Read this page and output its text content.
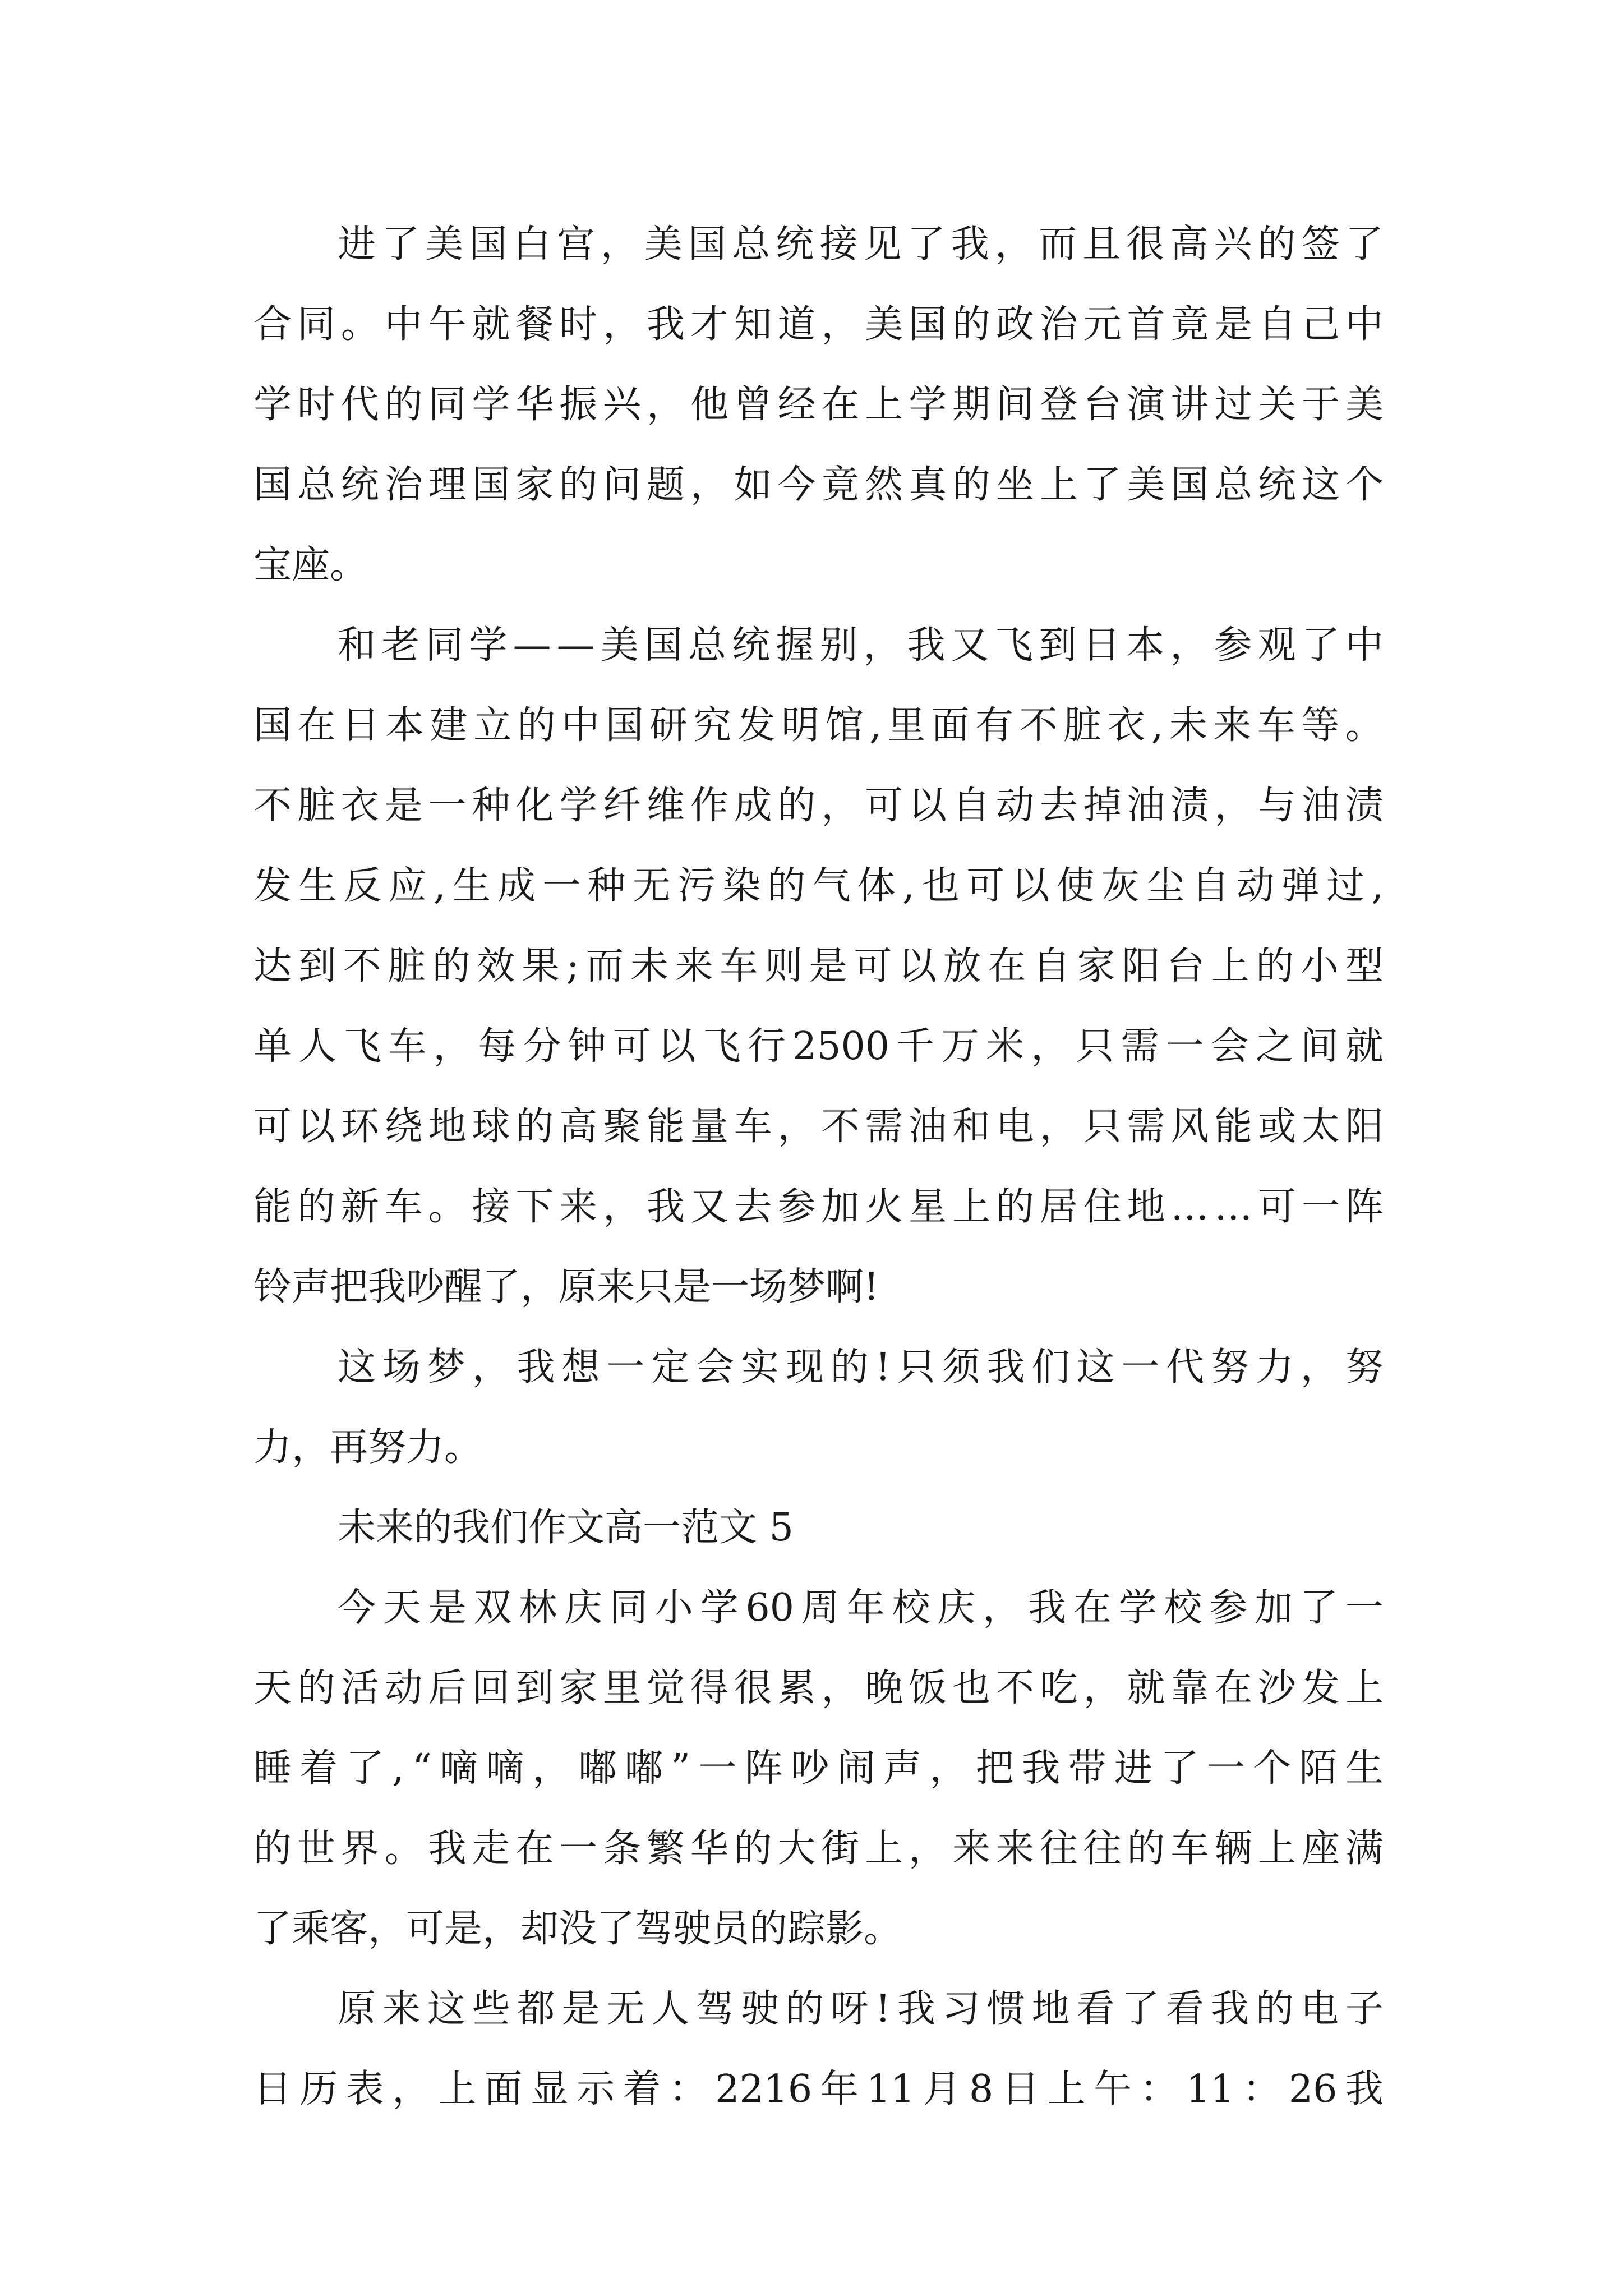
进 了 美 国 白 宫 ， 美 国 总 统 接 见 了 我 ， 而 且 很 高 兴 的 签 了
合 同 。 中 午 就 餐 时 ， 我 才 知 道 ， 美 国 的 政 治 元 首 竟 是 自 己 中
学 时 代 的 同 学 华 振 兴 ， 他 曾 经 在 上 学 期 间 登 台 演 讲 过 关 于 美
国 总 统 治 理 国 家 的 问 题 ， 如 今 竟 然 真 的 坐 上 了 美 国 总 统 这 个
宝座。
和 老 同 学 — — 美 国 总 统 握 别 ， 我 又 飞 到 日 本 ， 参 观 了 中
国 在 日 本 建 立 的 中 国 研 究 发 明 馆 , 里 面 有 不 脏 衣 , 未 来 车 等 。
不 脏 衣 是 一 种 化 学 纤 维 作 成 的 ， 可 以 自 动 去 掉 油 渍 ， 与 油 渍
发 生 反 应 , 生 成 一 种 无 污 染 的 气 体 , 也 可 以 使 灰 尘 自 动 弹 过 ,
达 到 不 脏 的 效 果 ; 而 未 来 车 则 是 可 以 放 在 自 家 阳 台 上 的 小 型
单 人 飞 车 ， 每 分 钟 可 以 飞 行 2500 千 万 米 ， 只 需 一 会 之 间 就
可 以 环 绕 地 球 的 高 聚 能 量 车 ， 不 需 油 和 电 ， 只 需 风 能 或 太 阳
能 的 新 车 。 接 下 来 ， 我 又 去 参 加 火 星 上 的 居 住 地 … … 可 一 阵
铃声把我吵醒了，原来只是一场梦啊!
这 场 梦 ， 我 想 一 定 会 实 现 的 ! 只 须 我 们 这 一 代 努 力 ， 努
力，再努力。
未来的我们作文高一范文 5
今 天 是 双 林 庆 同 小 学 60 周 年 校 庆 ， 我 在 学 校 参 加 了 一
天 的 活 动 后 回 到 家 里 觉 得 很 累 ， 晚 饭 也 不 吃 ， 就 靠 在 沙 发 上
睡 着 了 , “ 嘀 嘀 ， 嘟 嘟 ” 一 阵 吵 闹 声 ， 把 我 带 进 了 一 个 陌 生
的 世 界 。 我 走 在 一 条 繁 华 的 大 街 上 ， 来 来 往 往 的 车 辆 上 座 满
了乘客，可是，却没了驾驶员的踪影。
原 来 这 些 都 是 无 人 驾 驶 的 呀 ! 我 习 惯 地 看 了 看 我 的 电 子
日 历 表 ， 上 面 显 示 着 ： 2216 年 11 月 8 日 上 午 ： 11 ： 26 我
